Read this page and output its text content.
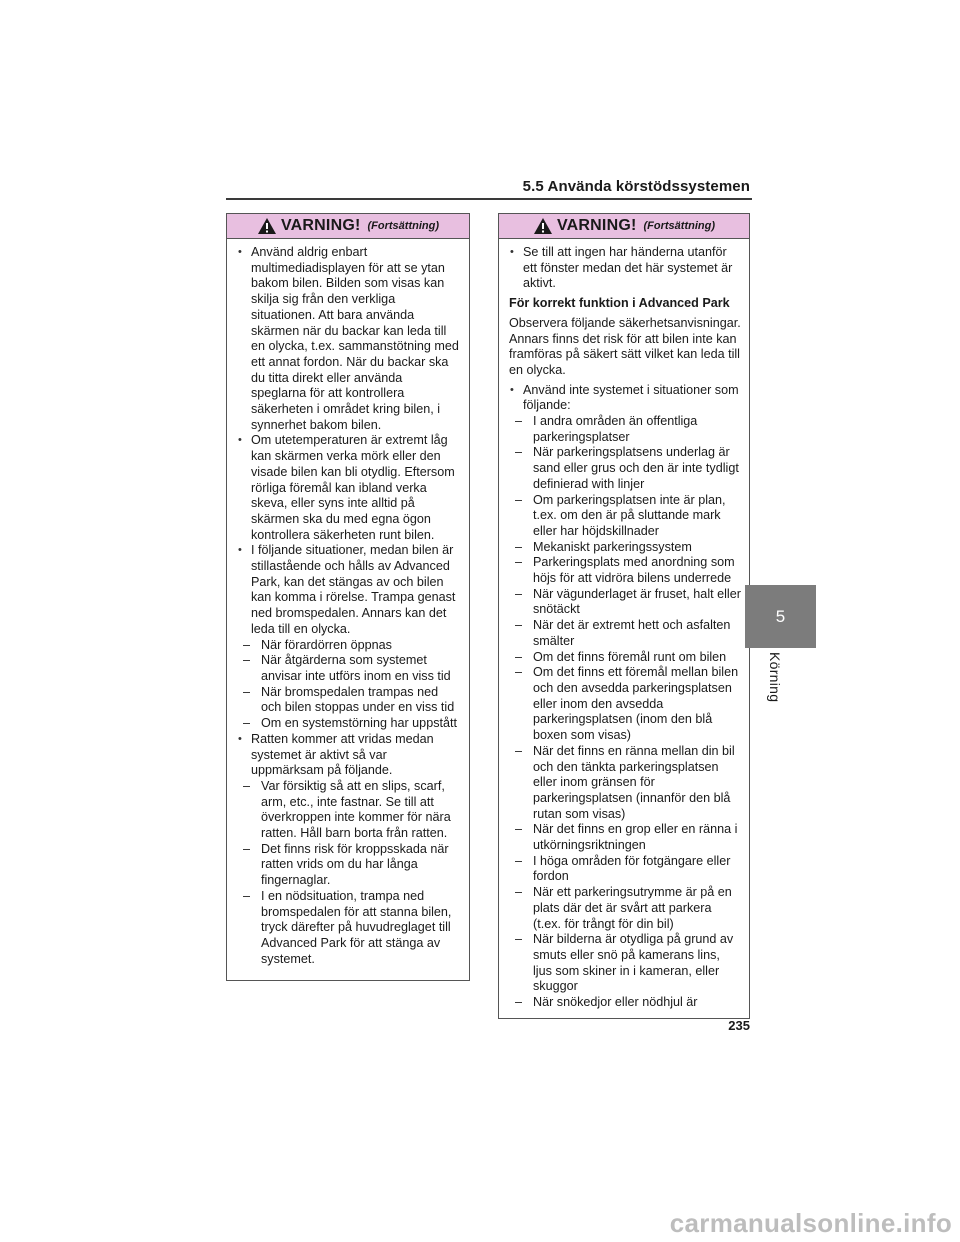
5.5 Använda körstödssystemen
VARNING! (Fortsättning)

• Använd aldrig enbart multimediadisplayen för att se ytan bakom bilen. Bilden som visas kan skilja sig från den verkliga situationen. Att bara använda skärmen när du backar kan leda till en olycka, t.ex. sammanstötning med ett annat fordon. När du backar ska du titta direkt eller använda speglarna för att kontrollera säkerheten i området kring bilen, i synnerhet bakom bilen.

• Om utetemperaturen är extremt låg kan skärmen verka mörk eller den visade bilen kan bli otydlig. Eftersom rörliga föremål kan ibland verka skeva, eller syns inte alltid på skärmen ska du med egna ögon kontrollera säkerheten runt bilen.

• I följande situationer, medan bilen är stillastående och hålls av Advanced Park, kan det stängas av och bilen kan komma i rörelse. Trampa genast ned bromspedalen. Annars kan det leda till en olycka.

– När förardörren öppnas
– När åtgärderna som systemet anvisar inte utförs inom en viss tid
– När bromspedalen trampas ned och bilen stoppas under en viss tid
– Om en systemstörning har uppstått

• Ratten kommer att vridas medan systemet är aktivt så var uppmärksam på följande.

– Var försiktig så att en slips, scarf, arm, etc., inte fastnar. Se till att överkroppen inte kommer för nära ratten. Håll barn borta från ratten.
– Det finns risk för kroppsskada när ratten vrids om du har långa fingernaglar.
– I en nödsituation, trampa ned bromspedalen för att stanna bilen, tryck därefter på huvudreglaget till Advanced Park för att stänga av systemet.
VARNING! (Fortsättning)

• Se till att ingen har händerna utanför ett fönster medan det här systemet är aktivt.

För korrekt funktion i Advanced Park

Observera följande säkerhetsanvisningar. Annars finns det risk för att bilen inte kan framföras på säkert sätt vilket kan leda till en olycka.

• Använd inte systemet i situationer som följande:

– I andra områden än offentliga parkeringsplatser
– När parkeringsplatsens underlag är sand eller grus och den är inte tydligt definierad with linjer
– Om parkeringsplatsen inte är plan, t.ex. om den är på sluttande mark eller har höjdskillnader
– Mekaniskt parkeringssystem
– Parkeringsplats med anordning som höjs för att vidröra bilens underrede
– När vägunderlaget är fruset, halt eller snötäckt
– När det är extremt hett och asfalten smälter
– Om det finns föremål runt om bilen
– Om det finns ett föremål mellan bilen och den avsedda parkeringsplatsen eller inom den avsedda parkeringsplatsen (inom den blå boxen som visas)
– När det finns en ränna mellan din bil och den tänkta parkeringsplatsen eller inom gränsen för parkeringsplatsen (innanför den blå rutan som visas)
– När det finns en grop eller en ränna i utkörningsriktningen
– I höga områden för fotgängare eller fordon
– När ett parkeringsutrymme är på en plats där det är svårt att parkera (t.ex. för trångt för din bil)
– När bilderna är otydliga på grund av smuts eller snö på kamerans lins, ljus som skiner in i kameran, eller skuggor
– När snökedjor eller nödhjul är
5
Körning
235
carmanualsonline.info
